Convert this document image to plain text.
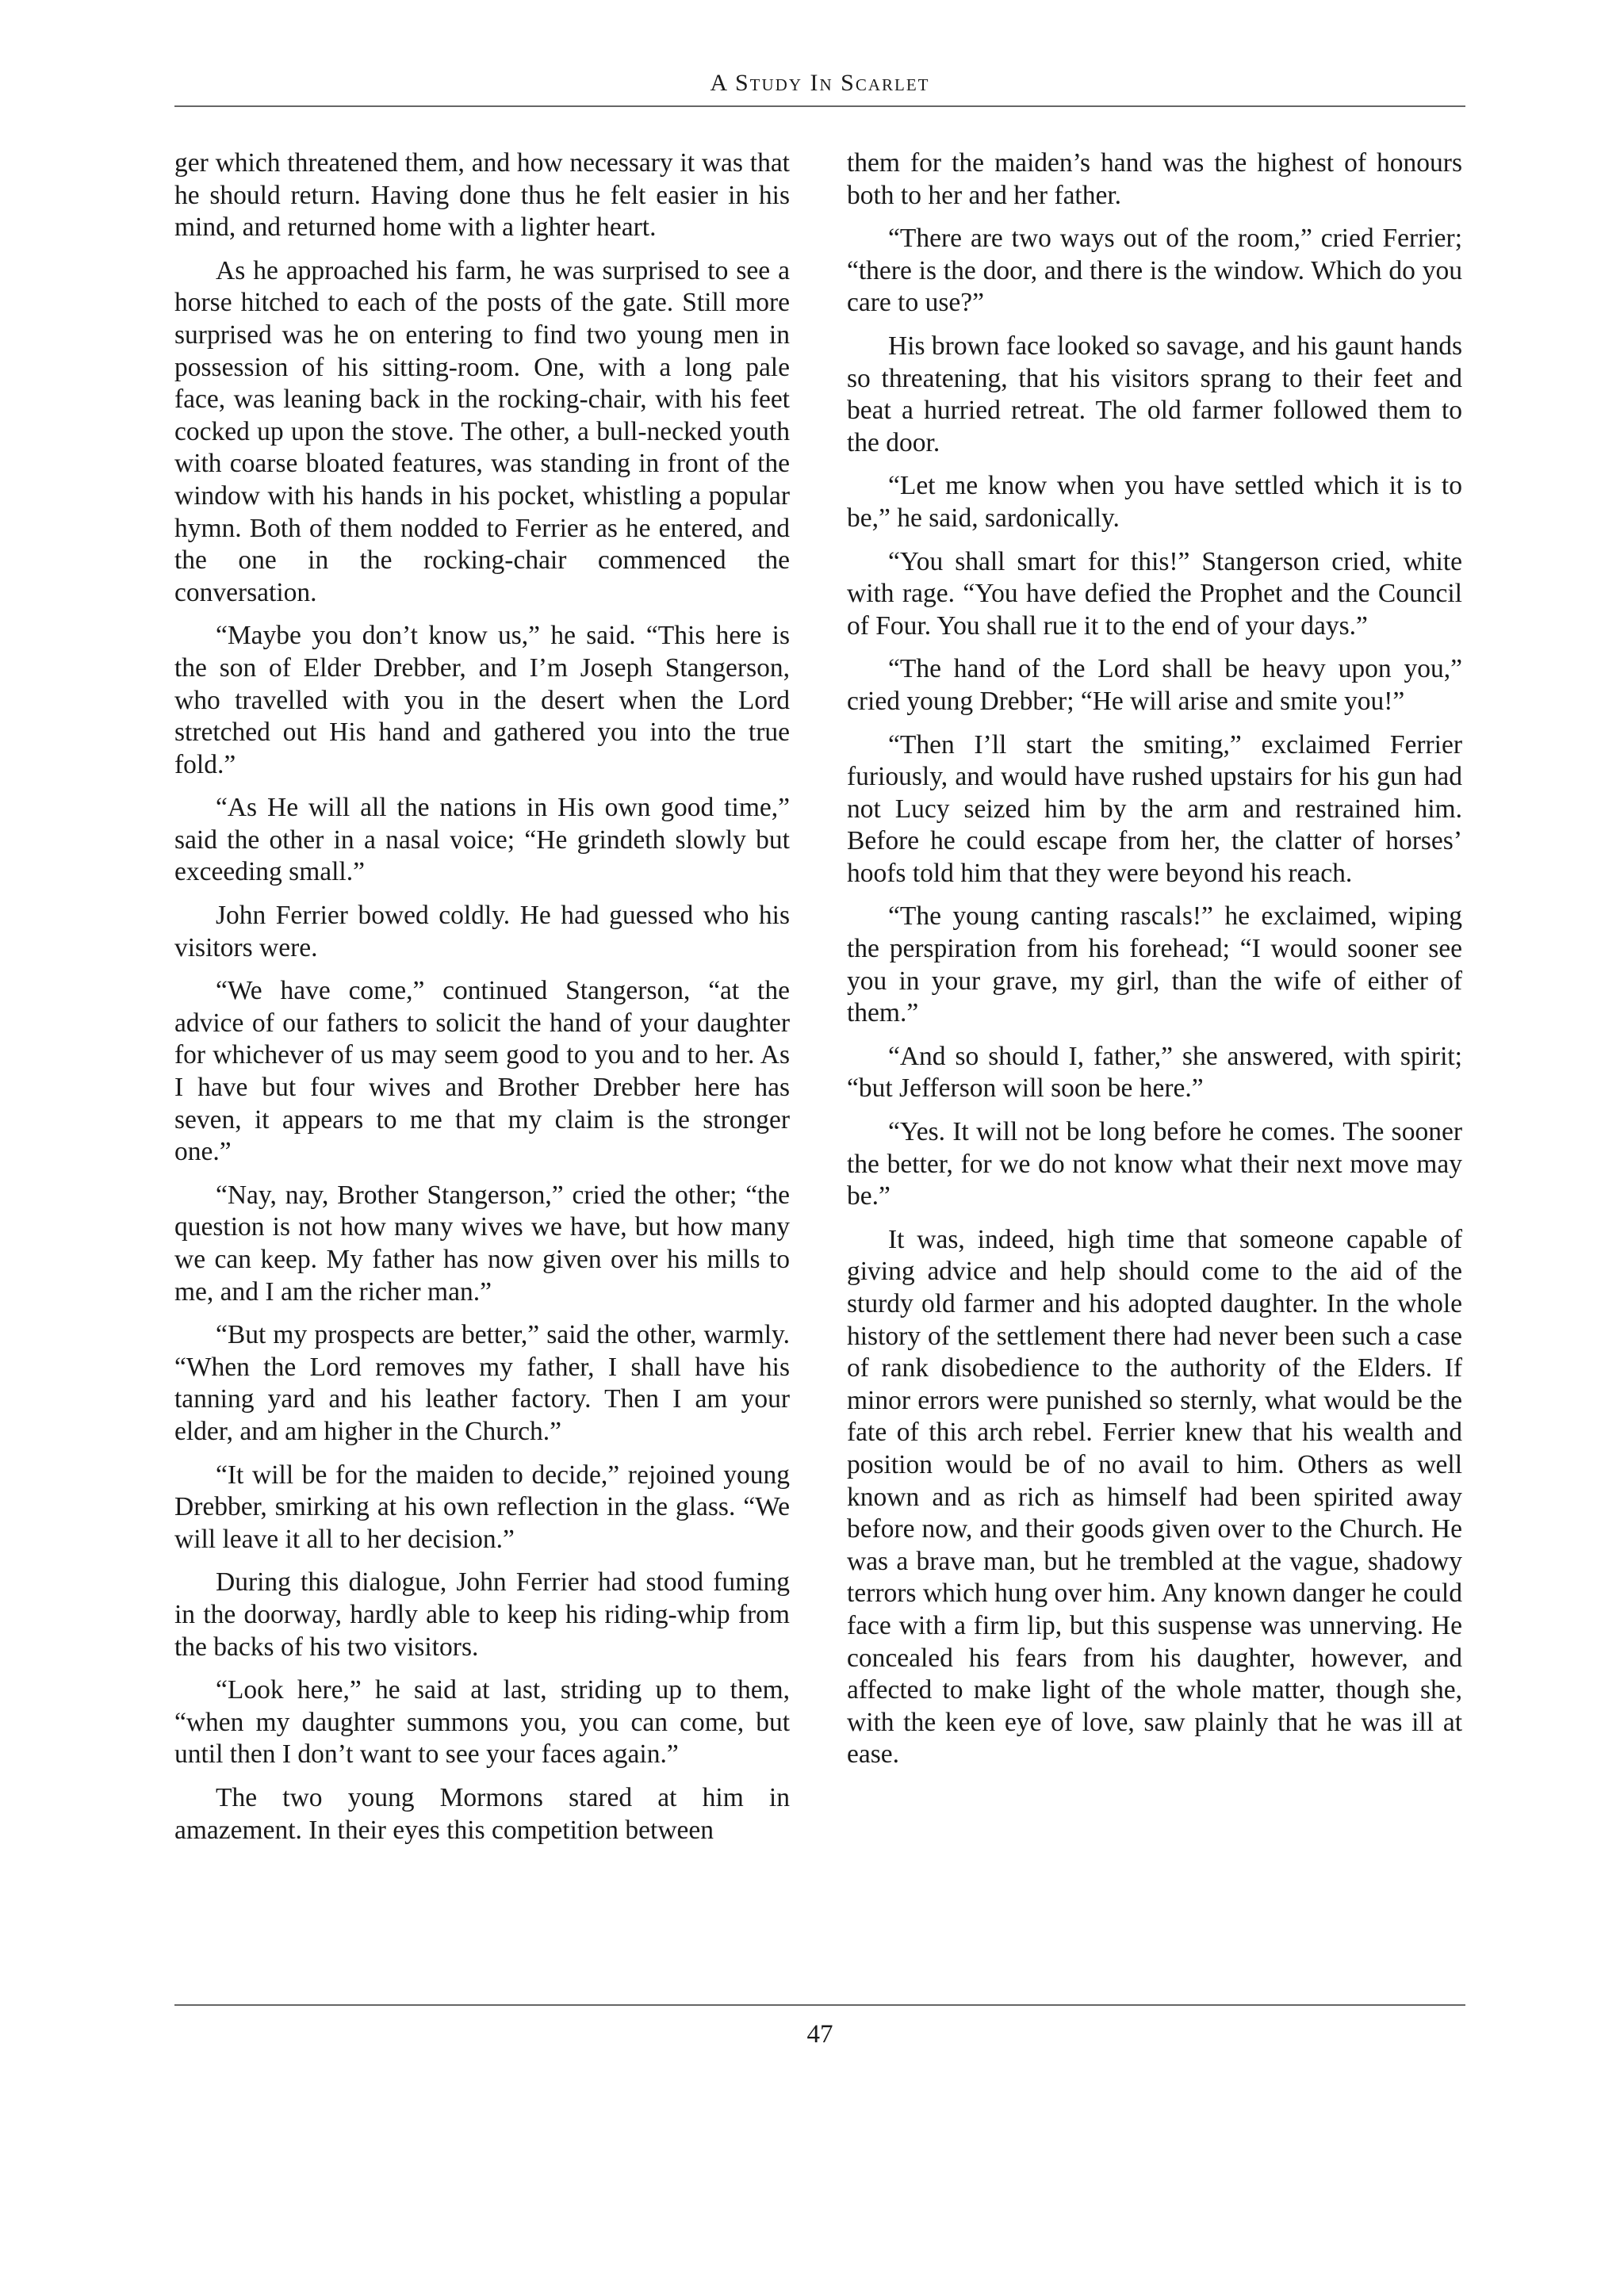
A Study In Scarlet

ger which threatened them, and how necessary it was that he should return. Having done thus he felt easier in his mind, and returned home with a lighter heart.

As he approached his farm, he was surprised to see a horse hitched to each of the posts of the gate. Still more surprised was he on entering to find two young men in possession of his sitting-room. One, with a long pale face, was leaning back in the rocking-chair, with his feet cocked up upon the stove. The other, a bull-necked youth with coarse bloated features, was standing in front of the window with his hands in his pocket, whistling a popular hymn. Both of them nodded to Ferrier as he entered, and the one in the rocking-chair commenced the conversation.

“Maybe you don’t know us,” he said. “This here is the son of Elder Drebber, and I’m Joseph Stangerson, who travelled with you in the desert when the Lord stretched out His hand and gathered you into the true fold.”

“As He will all the nations in His own good time,” said the other in a nasal voice; “He grindeth slowly but exceeding small.”

John Ferrier bowed coldly. He had guessed who his visitors were.

“We have come,” continued Stangerson, “at the advice of our fathers to solicit the hand of your daughter for whichever of us may seem good to you and to her. As I have but four wives and Brother Drebber here has seven, it appears to me that my claim is the stronger one.”

“Nay, nay, Brother Stangerson,” cried the other; “the question is not how many wives we have, but how many we can keep. My father has now given over his mills to me, and I am the richer man.”

“But my prospects are better,” said the other, warmly. “When the Lord removes my father, I shall have his tanning yard and his leather factory. Then I am your elder, and am higher in the Church.”

“It will be for the maiden to decide,” rejoined young Drebber, smirking at his own reflection in the glass. “We will leave it all to her decision.”

During this dialogue, John Ferrier had stood fuming in the doorway, hardly able to keep his riding-whip from the backs of his two visitors.

“Look here,” he said at last, striding up to them, “when my daughter summons you, you can come, but until then I don’t want to see your faces again.”

The two young Mormons stared at him in amazement. In their eyes this competition between

them for the maiden’s hand was the highest of honours both to her and her father.

“There are two ways out of the room,” cried Ferrier; “there is the door, and there is the window. Which do you care to use?”

His brown face looked so savage, and his gaunt hands so threatening, that his visitors sprang to their feet and beat a hurried retreat. The old farmer followed them to the door.

“Let me know when you have settled which it is to be,” he said, sardonically.

“You shall smart for this!” Stangerson cried, white with rage. “You have defied the Prophet and the Council of Four. You shall rue it to the end of your days.”

“The hand of the Lord shall be heavy upon you,” cried young Drebber; “He will arise and smite you!”

“Then I’ll start the smiting,” exclaimed Ferrier furiously, and would have rushed upstairs for his gun had not Lucy seized him by the arm and restrained him. Before he could escape from her, the clatter of horses’ hoofs told him that they were beyond his reach.

“The young canting rascals!” he exclaimed, wiping the perspiration from his forehead; “I would sooner see you in your grave, my girl, than the wife of either of them.”

“And so should I, father,” she answered, with spirit; “but Jefferson will soon be here.”

“Yes. It will not be long before he comes. The sooner the better, for we do not know what their next move may be.”

It was, indeed, high time that someone capable of giving advice and help should come to the aid of the sturdy old farmer and his adopted daughter. In the whole history of the settlement there had never been such a case of rank disobedience to the authority of the Elders. If minor errors were punished so sternly, what would be the fate of this arch rebel. Ferrier knew that his wealth and position would be of no avail to him. Others as well known and as rich as himself had been spirited away before now, and their goods given over to the Church. He was a brave man, but he trembled at the vague, shadowy terrors which hung over him. Any known danger he could face with a firm lip, but this suspense was unnerving. He concealed his fears from his daughter, however, and affected to make light of the whole matter, though she, with the keen eye of love, saw plainly that he was ill at ease.

47
